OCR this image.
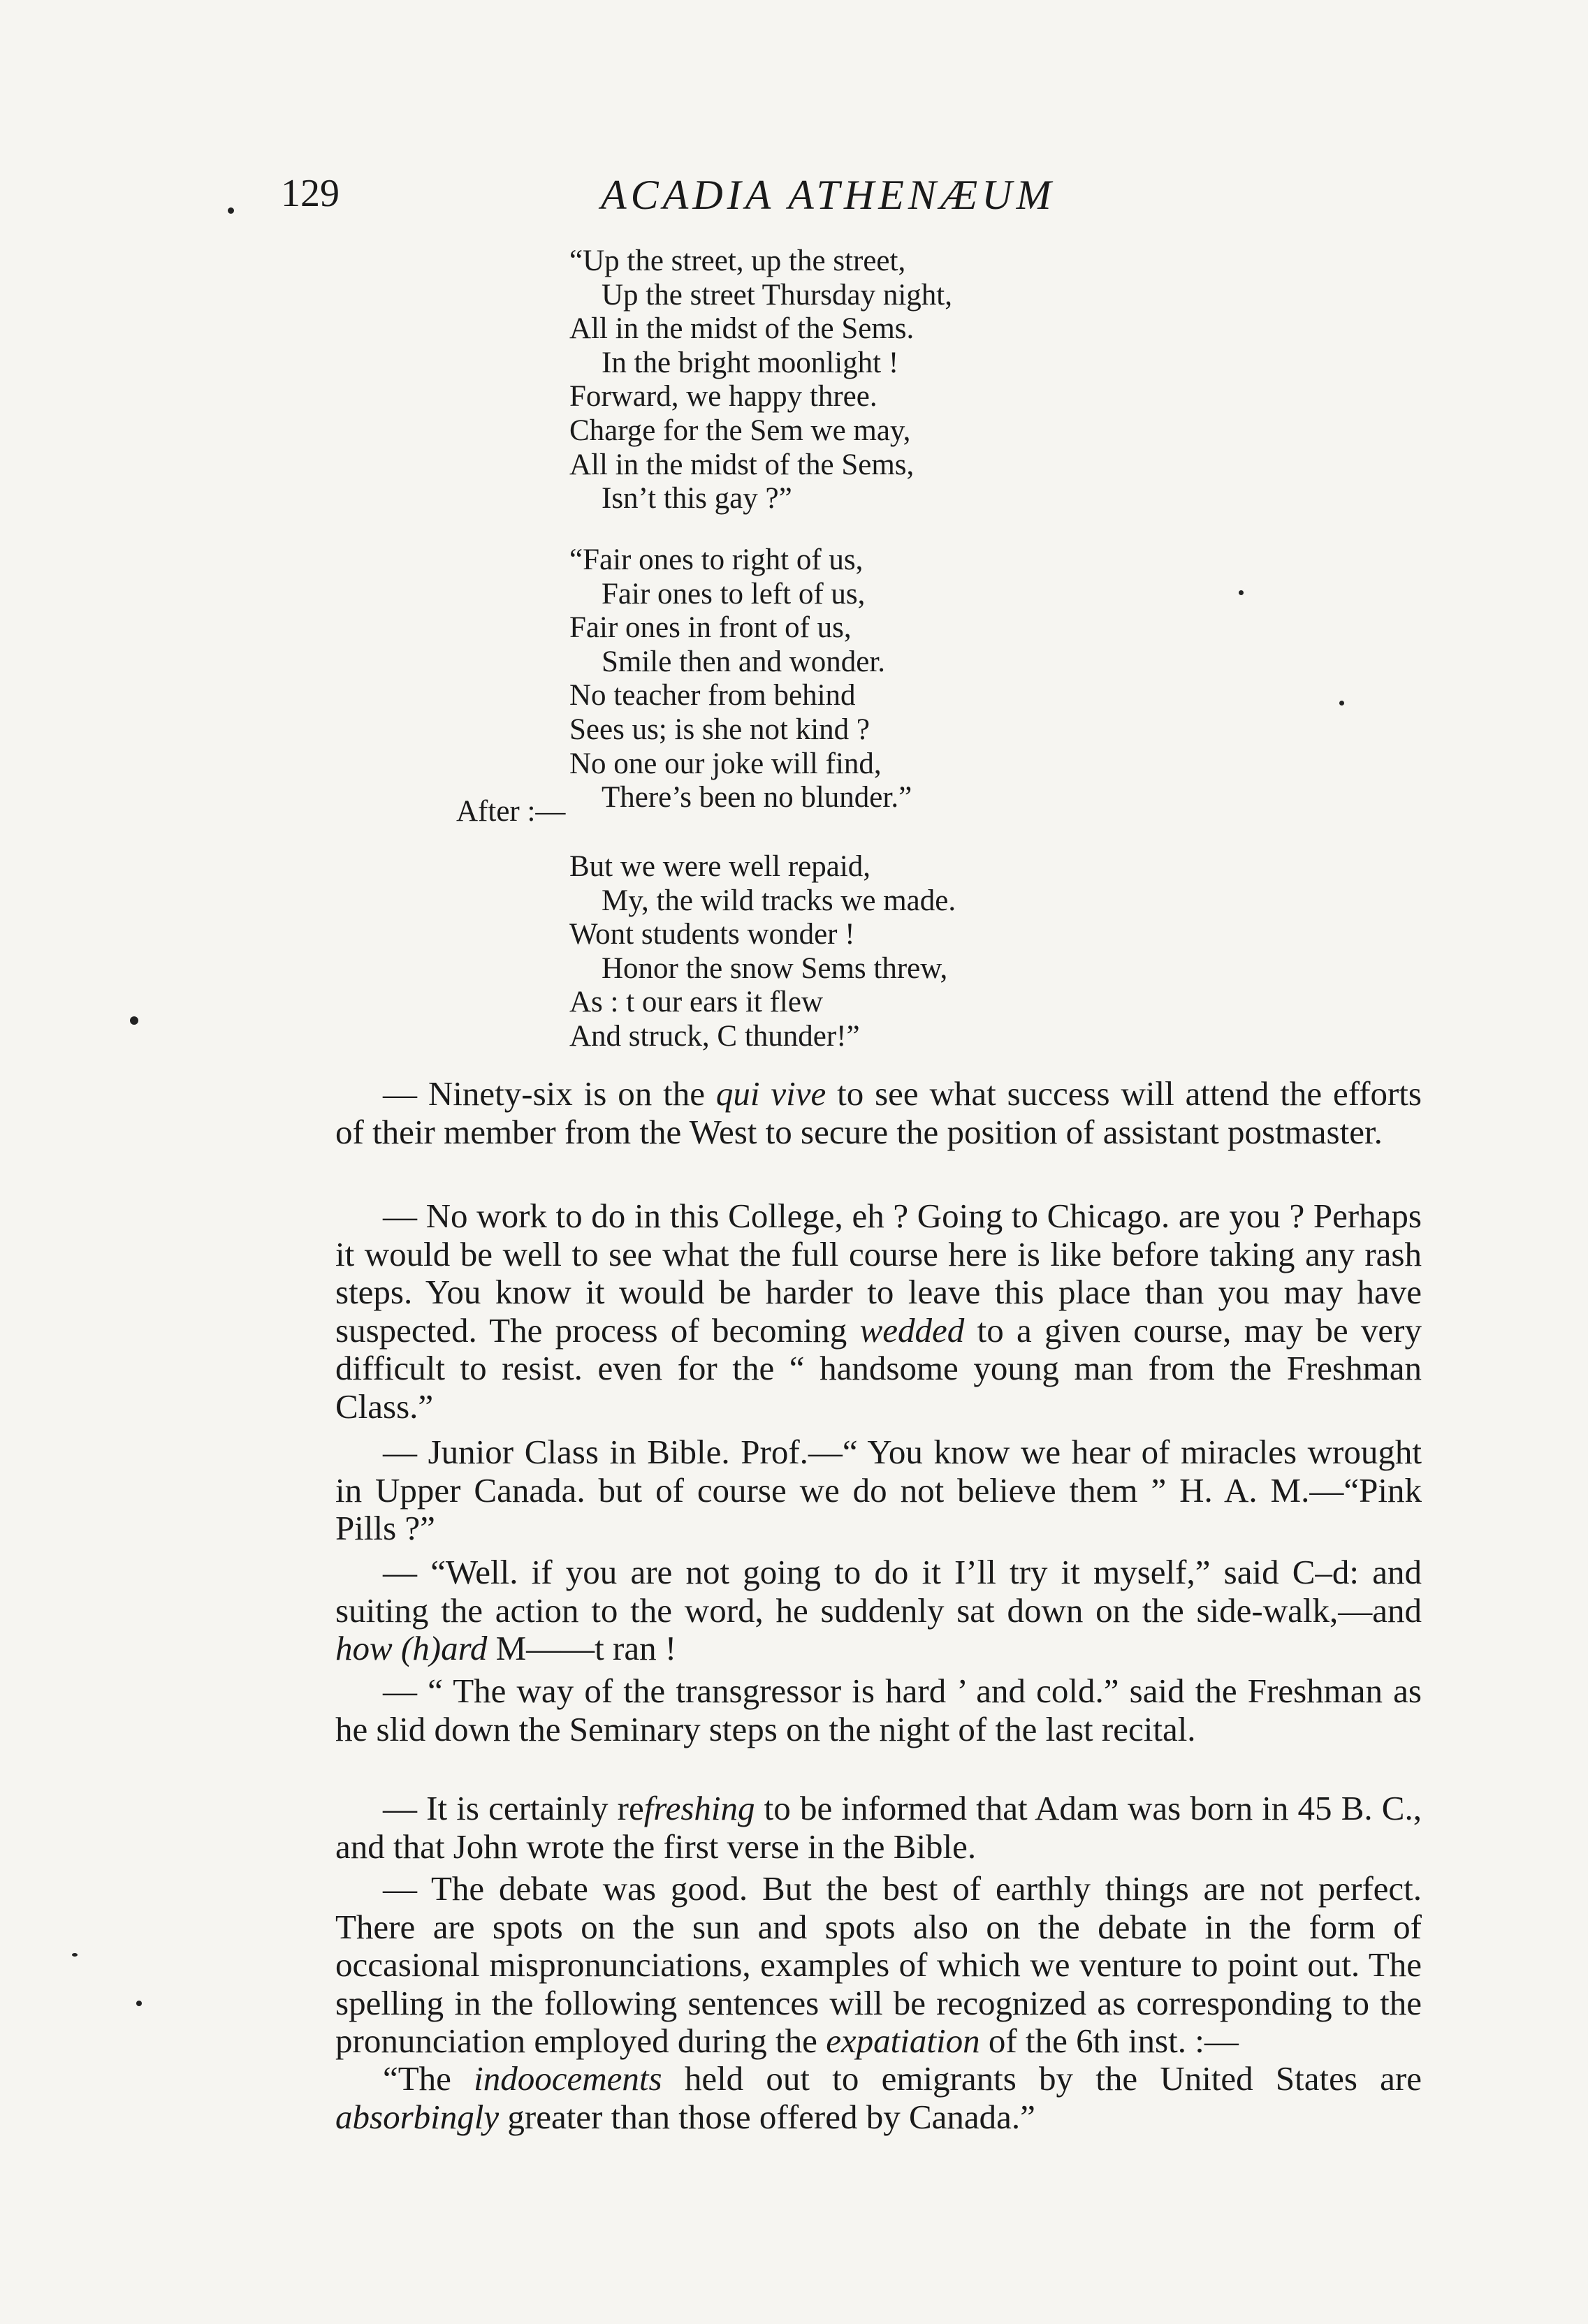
129	ACADIA ATHENÆUM
“Up the street, up the street,
Up the street Thursday night,
All in the midst of the Sems.
In the bright moonlight !
Forward, we happy three.
Charge for the Sem we may,
All in the midst of the Sems,
Isn’t this gay ?”
“Fair ones to right of us,
Fair ones to left of us,
Fair ones in front of us,
Smile then and wonder.
No teacher from behind
Sees us; is she not kind ?
No one our joke will find,
There’s been no blunder.”
After :—
But we were well repaid,
My, the wild tracks we made.
Wont students wonder !
Honor the snow Sems threw,
As : t our ears it flew
And struck, C thunder!”

— Ninety-six is on the qui vive to see what success will attend the efforts of their member from the West to secure the position of assistant postmaster.

— No work to do in this College, eh ? Going to Chicago. are you ? Perhaps it would be well to see what the full course here is like before taking any rash steps. You know it would be harder to leave this place than you may have suspected. The process of becoming wedded to a given course, may be very difficult to resist. even for the “ handsome young man from the Freshman Class.”

— Junior Class in Bible. Prof.—“ You know we hear of miracles wrought in Upper Canada. but of course we do not believe them ” H. A. M.—“Pink Pills ?”

— “Well. if you are not going to do it I’ll try it myself,” said C–d: and suiting the action to the word, he suddenly sat down on the side-walk,—and how (h)ard M——t ran !

— “ The way of the transgressor is hard ’ and cold.” said the Freshman as he slid down the Seminary steps on the night of the last recital.

— It is certainly refreshing to be informed that Adam was born in 45 B. C., and that John wrote the first verse in the Bible.

— The debate was good. But the best of earthly things are not perfect. There are spots on the sun and spots also on the debate in the form of occasional mispronunciations, examples of which we venture to point out. The spelling in the following sentences will be recognized as corresponding to the pronunciation employed during the expatiation of the 6th inst. :—

“The indoocements held out to emigrants by the United States are absorbingly greater than those offered by Canada.”
